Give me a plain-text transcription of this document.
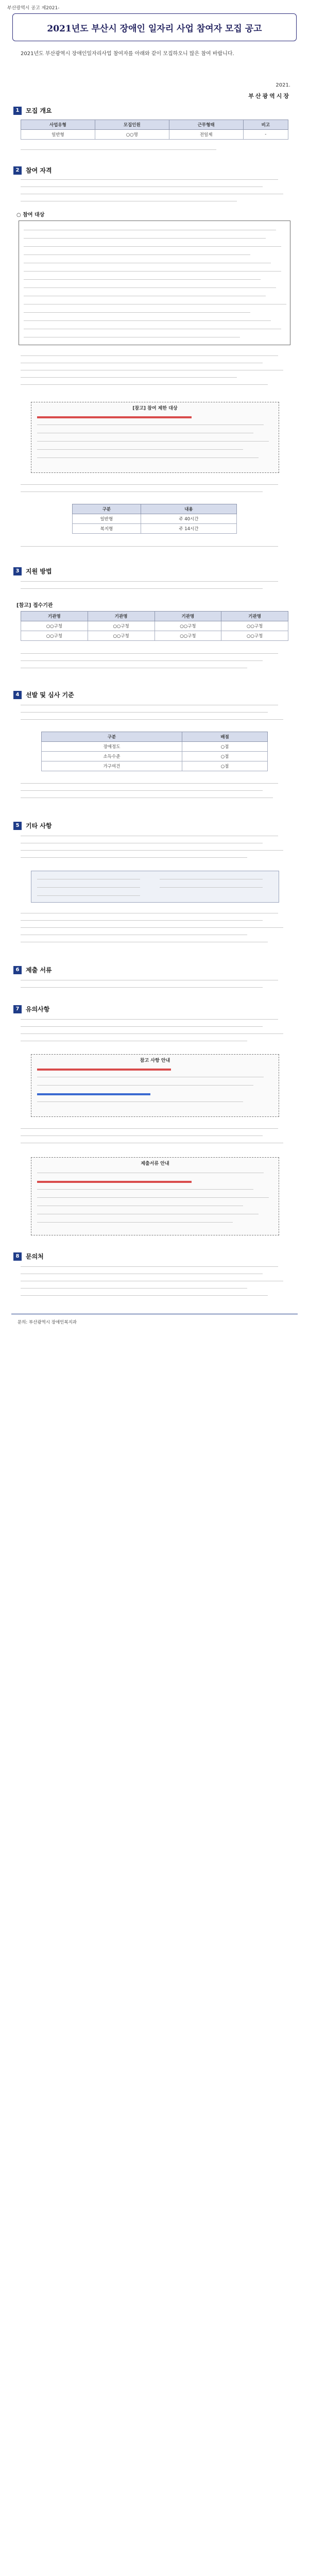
부산광역시 공고 제2021-
2021년도 부산시 장애인 일자리 사업 참여자 모집 공고
2021년도 부산광역시 장애인일자리사업 참여자를 아래와 같이 모집하오니 많은 참여 바랍니다.
2021.
부산광역시장
1	모집 개요
사업유형	모집인원	근무형태	비고
일반형	○○명	전일제	-
2	참여 자격
○ 참여 대상
[참고] 참여 제한 대상
구분	내용
일반형	주 40시간
복지형	주 14시간
3	지원 방법
[참고] 접수기관
기관명	기관명	기관명	기관명
○○구청	○○구청	○○구청	○○구청
○○구청	○○구청	○○구청	○○구청
4	선발 및 심사 기준
구분	배점
장애정도	○점
소득수준	○점
가구여건	○점
5	기타 사항
6	제출 서류
7	유의사항
참고 사항 안내
제출서류 안내
8	문의처
문의: 부산광역시 장애인복지과
